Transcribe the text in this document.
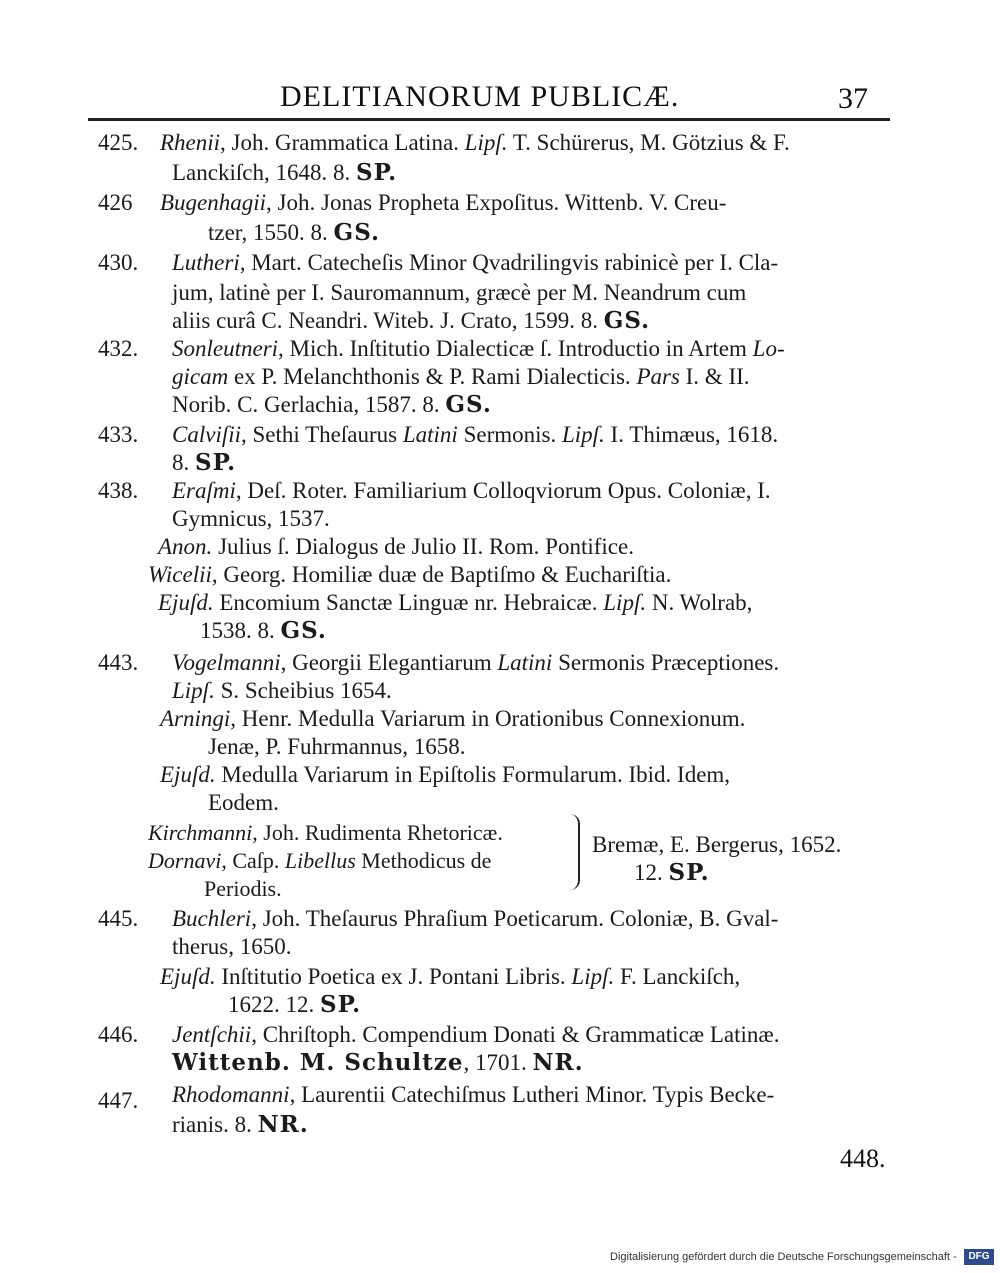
DELITIANORUM PUBLICÆ.	37
425. Rhenii, Joh. Grammatica Latina. Lipſ. T. Schürerus, M. Götzius & F.
Lanckiſch, 1648. 8. SP.
426 Bugenhagii, Joh. Jonas Propheta Expoſitus. Wittenb. V. Creu-
tzer, 1550. 8. GS.
430. Lutheri, Mart. Catecheſis Minor Qvadrilingvis rabinicè per I. Cla-
jum, latinè per I. Sauromannum, græcè per M. Neandrum cum
aliis curâ C. Neandri. Witeb. J. Crato, 1599. 8. GS.
432. Sonleutneri, Mich. Inſtitutio Dialecticæ ſ. Introductio in Artem Lo-
gicam ex P. Melanchthonis & P. Rami Dialecticis. Pars I. & II.
Norib. C. Gerlachia, 1587. 8. GS.
433. Calviſii, Sethi Theſaurus Latini Sermonis. Lipſ. I. Thimæus, 1618.
8. SP.
438. Eraſmi, Deſ. Roter. Familiarium Colloqviorum Opus. Coloniæ, I.
Gymnicus, 1537.
Anon. Julius ſ. Dialogus de Julio II. Rom. Pontifice.
Wicelii, Georg. Homiliæ duæ de Baptiſmo & Euchariſtia.
Ejuſd. Encomium Sanctæ Linguæ nr. Hebraicæ. Lipſ. N. Wolrab,
1538. 8. GS.
443. Vogelmanni, Georgii Elegantiarum Latini Sermonis Præceptiones.
Lipſ. S. Scheibius 1654.
Arningi, Henr. Medulla Variarum in Orationibus Connexionum.
Jenæ, P. Fuhrmannus, 1658.
Ejuſd. Medulla Variarum in Epiſtolis Formularum. Ibid. Idem,
Eodem.
Kirchmanni, Joh. Rudimenta Rhetoricæ.
Dornavi, Caſp. Libellus Methodicus de
Periodis.
Bremæ, E. Bergerus, 1652.
12. SP.
445. Buchleri, Joh. Theſaurus Phraſium Poeticarum. Coloniæ, B. Gval-
therus, 1650.
Ejuſd. Inſtitutio Poetica ex J. Pontani Libris. Lipſ. F. Lanckiſch,
1622. 12. SP.
446. Jentſchii, Chriſtoph. Compendium Donati & Grammaticæ Latinæ.
Wittenb. M. Schultze, 1701. NR.
447. Rhodomanni, Laurentii Catechiſmus Lutheri Minor. Typis Becke-
rianis. 8. NR.
448.
Digitalisierung gefördert durch die Deutsche Forschungsgemeinschaft -	DFG
